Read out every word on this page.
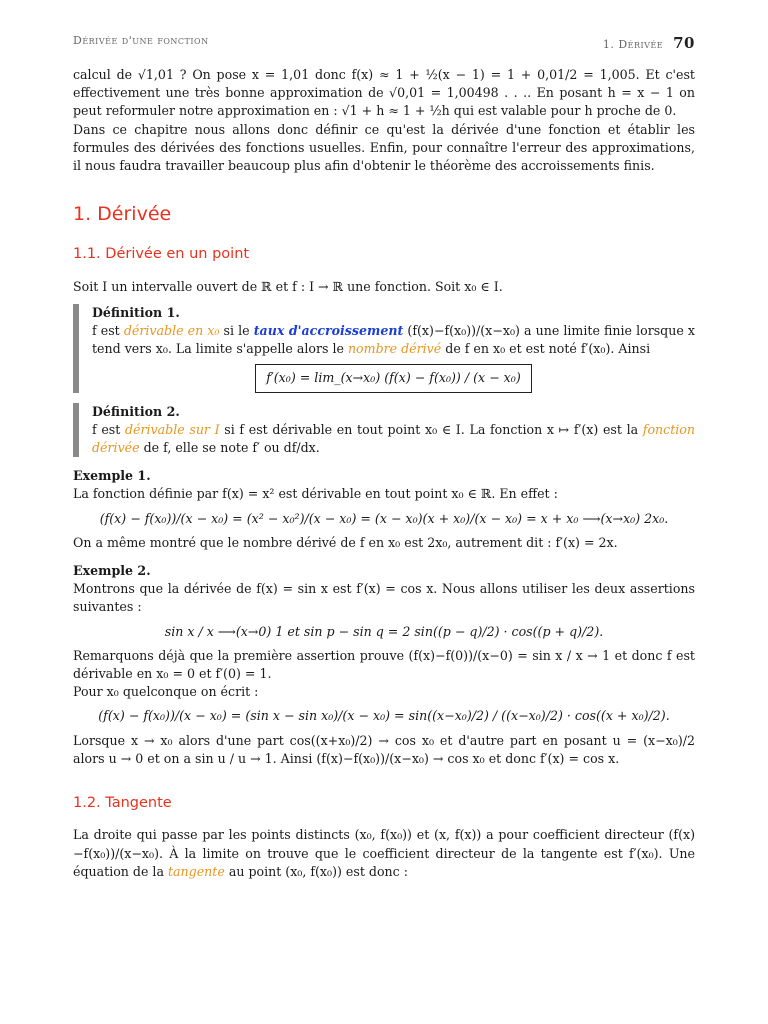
Dérivée d'une fonction	1. Dérivée 70

calcul de √1,01 ? On pose x = 1,01 donc f(x) ≈ 1 + ½(x − 1) = 1 + 0,01/2 = 1,005. Et c'est effectivement une très bonne approximation de √0,01 = 1,00498 . . .. En posant h = x − 1 on peut reformuler notre approximation en : √1 + h ≈ 1 + ½h qui est valable pour h proche de 0.

Dans ce chapitre nous allons donc définir ce qu'est la dérivée d'une fonction et établir les formules des dérivées des fonctions usuelles. Enfin, pour connaître l'erreur des approximations, il nous faudra travailler beaucoup plus afin d'obtenir le théorème des accroissements finis.

1. Dérivée
1.1. Dérivée en un point

Soit I un intervalle ouvert de ℝ et f : I → ℝ une fonction. Soit x₀ ∈ I.

Définition 1.

f est dérivable en x₀ si le taux d'accroissement (f(x)−f(x₀))/(x−x₀) a une limite finie lorsque x tend vers x₀. La limite s'appelle alors le nombre dérivé de f en x₀ et est noté f′(x₀). Ainsi

f′(x₀) = lim_(x→x₀) (f(x) − f(x₀)) / (x − x₀)
Définition 2.

f est dérivable sur I si f est dérivable en tout point x₀ ∈ I. La fonction x ↦ f′(x) est la fonction dérivée de f, elle se note f′ ou df/dx.

Exemple 1.

La fonction définie par f(x) = x² est dérivable en tout point x₀ ∈ ℝ. En effet :

(f(x) − f(x₀))/(x − x₀) = (x² − x₀²)/(x − x₀) = (x − x₀)(x + x₀)/(x − x₀) = x + x₀ ⟶(x→x₀) 2x₀.

On a même montré que le nombre dérivé de f en x₀ est 2x₀, autrement dit : f′(x) = 2x.

Exemple 2.

Montrons que la dérivée de f(x) = sin x est f′(x) = cos x. Nous allons utiliser les deux assertions suivantes :

sin x / x ⟶(x→0) 1 et sin p − sin q = 2 sin((p − q)/2) · cos((p + q)/2).

Remarquons déjà que la première assertion prouve (f(x)−f(0))/(x−0) = sin x / x → 1 et donc f est dérivable en x₀ = 0 et f′(0) = 1.

Pour x₀ quelconque on écrit :

(f(x) − f(x₀))/(x − x₀) = (sin x − sin x₀)/(x − x₀) = sin((x−x₀)/2) / ((x−x₀)/2) · cos((x + x₀)/2).

Lorsque x → x₀ alors d'une part cos((x+x₀)/2) → cos x₀ et d'autre part en posant u = (x−x₀)/2 alors u → 0 et on a sin u / u → 1. Ainsi (f(x)−f(x₀))/(x−x₀) → cos x₀ et donc f′(x) = cos x.

1.2. Tangente

La droite qui passe par les points distincts (x₀, f(x₀)) et (x, f(x)) a pour coefficient directeur (f(x)−f(x₀))/(x−x₀). À la limite on trouve que le coefficient directeur de la tangente est f′(x₀). Une équation de la tangente au point (x₀, f(x₀)) est donc :
